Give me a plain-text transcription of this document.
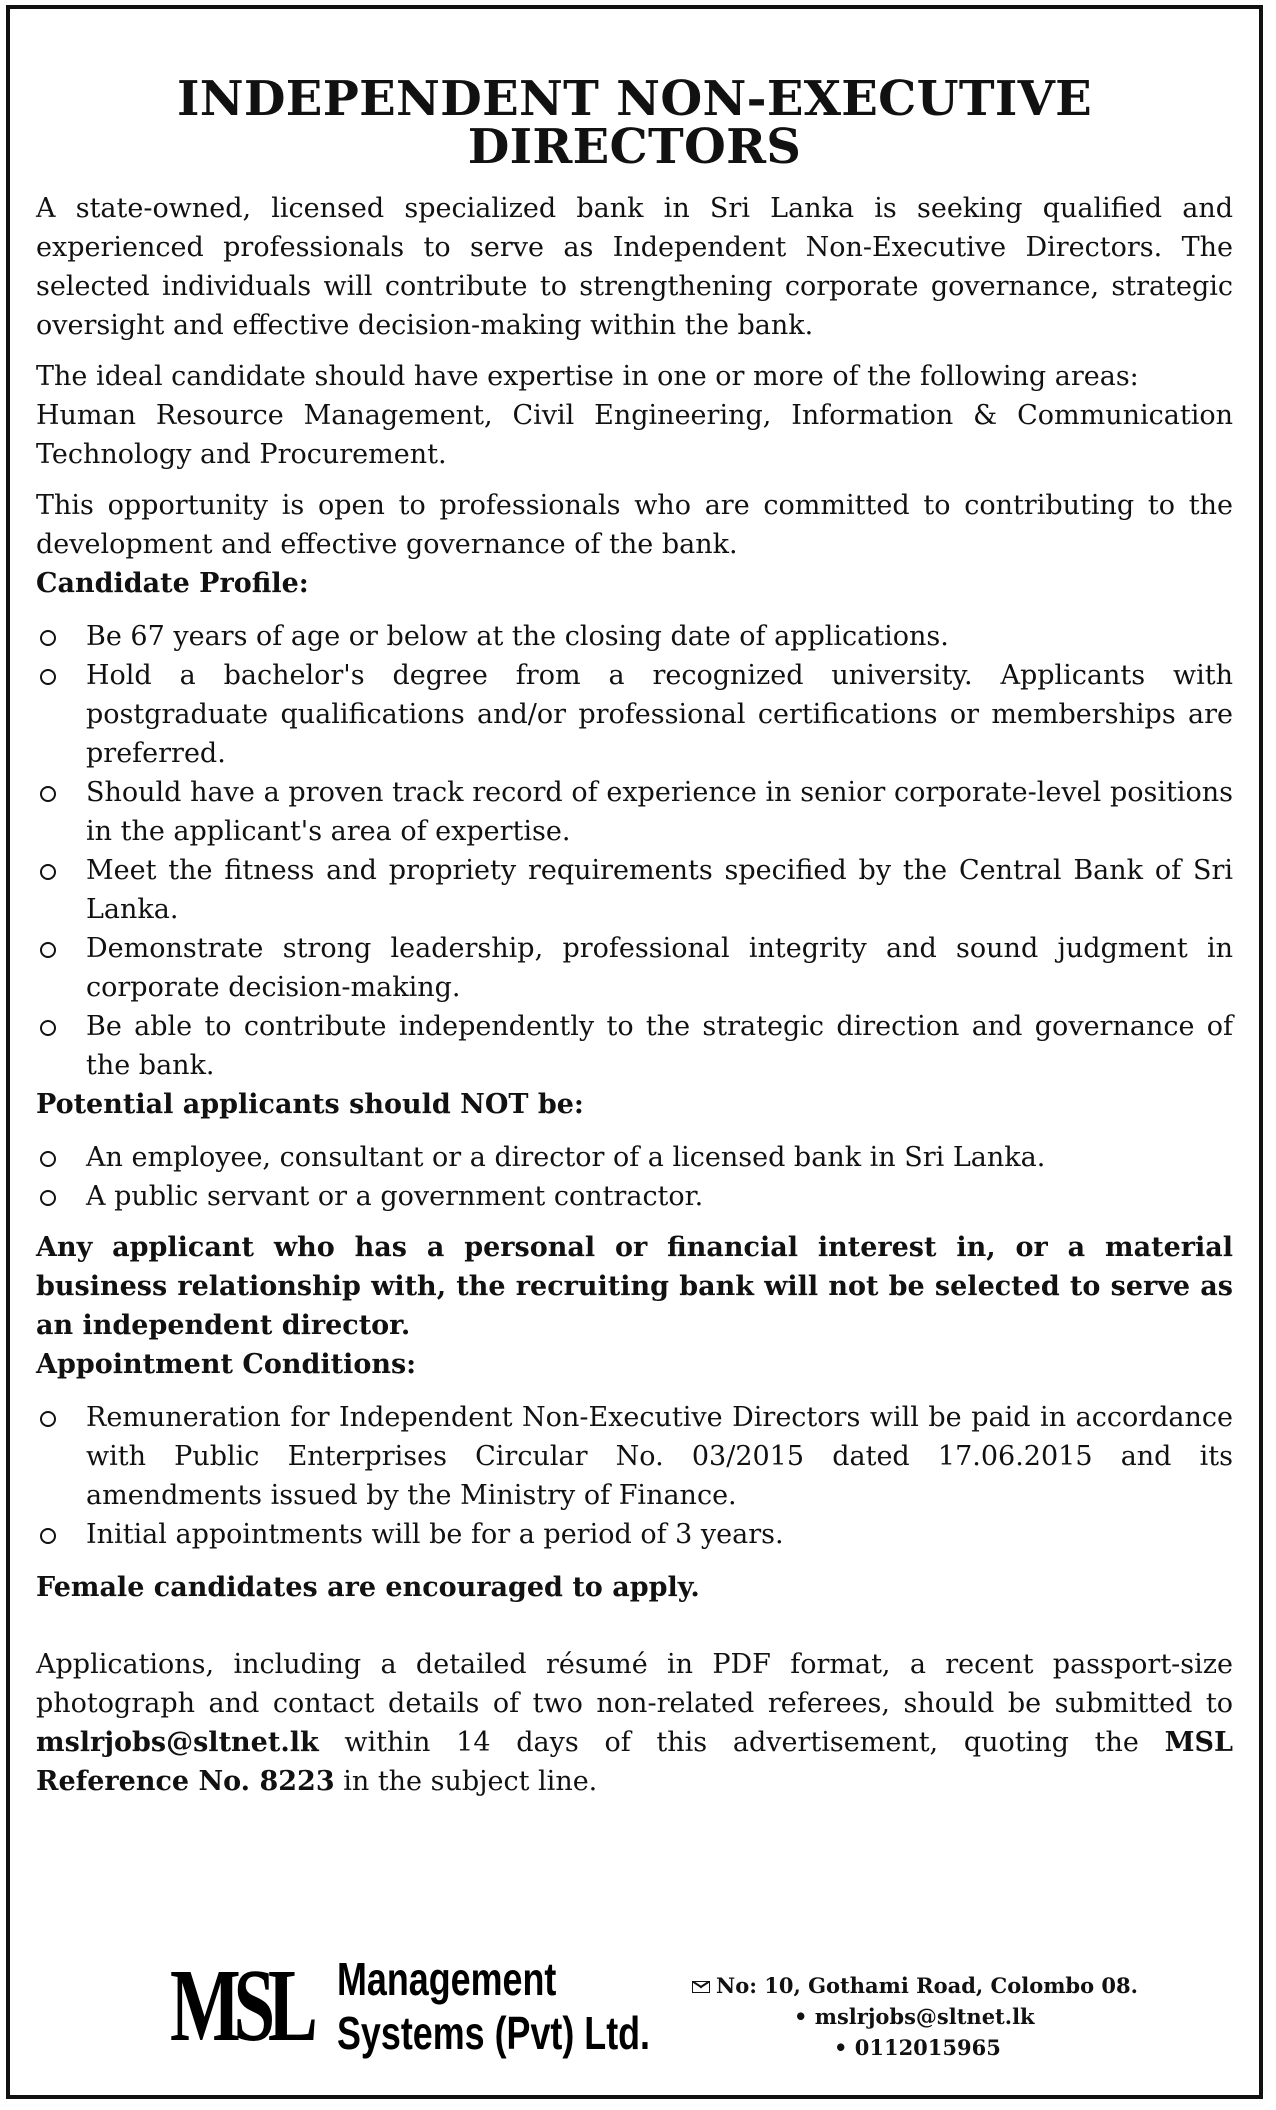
INDEPENDENT NON-EXECUTIVE DIRECTORS

A state-owned, licensed specialized bank in Sri Lanka is seeking qualified and experienced professionals to serve as Independent Non-Executive Directors. The selected individuals will contribute to strengthening corporate governance, strategic oversight and effective decision-making within the bank.

The ideal candidate should have expertise in one or more of the following areas:
Human Resource Management, Civil Engineering, Information & Communication Technology and Procurement.

This opportunity is open to professionals who are committed to contributing to the development and effective governance of the bank.

Candidate Profile:

Be 67 years of age or below at the closing date of applications.
Hold a bachelor's degree from a recognized university. Applicants with postgraduate qualifications and/or professional certifications or memberships are preferred.
Should have a proven track record of experience in senior corporate-level positions in the applicant's area of expertise.
Meet the fitness and propriety requirements specified by the Central Bank of Sri Lanka.
Demonstrate strong leadership, professional integrity and sound judgment in corporate decision-making.
Be able to contribute independently to the strategic direction and governance of the bank.

Potential applicants should NOT be:

An employee, consultant or a director of a licensed bank in Sri Lanka.
A public servant or a government contractor.

Any applicant who has a personal or financial interest in, or a material business relationship with, the recruiting bank will not be selected to serve as an independent director.

Appointment Conditions:

Remuneration for Independent Non-Executive Directors will be paid in accordance with Public Enterprises Circular No. 03/2015 dated 17.06.2015 and its amendments issued by the Ministry of Finance.
Initial appointments will be for a period of 3 years.

Female candidates are encouraged to apply.

Applications, including a detailed résumé in PDF format, a recent passport-size photograph and contact details of two non-related referees, should be submitted to mslrjobs@sltnet.lk within 14 days of this advertisement, quoting the MSL Reference No. 8223 in the subject line.

MSL Management
Systems (Pvt) Ltd.
No: 10, Gothami Road, Colombo 08.
• mslrjobs@sltnet.lk
• 0112015965
